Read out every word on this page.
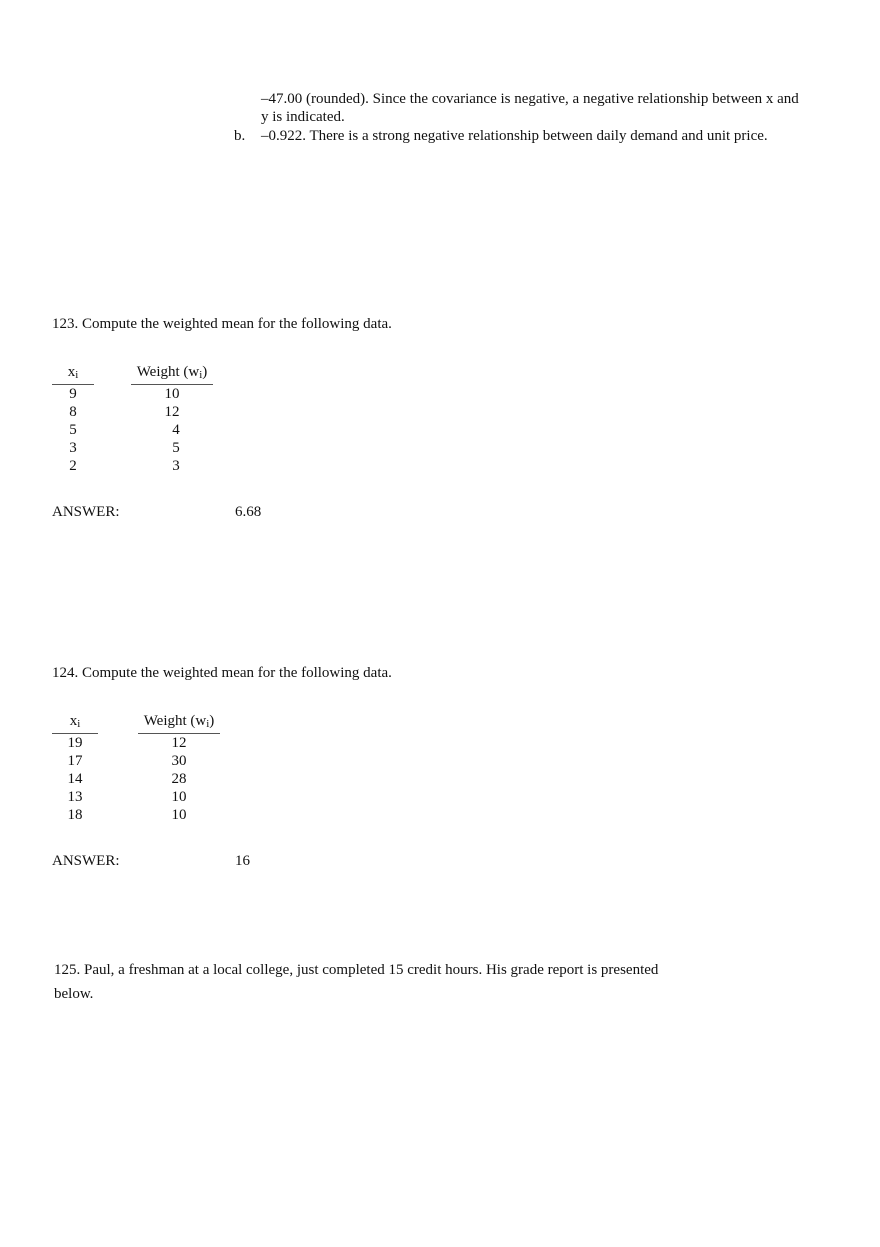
–47.00 (rounded). Since the covariance is negative, a negative relationship between x and
y is indicated.
b. –0.922. There is a strong negative relationship between daily demand and unit price.
123. Compute the weighted mean for the following data.
xi		Weight (wi)
9		10
8		12
5		4
3		5
2		3
ANSWER:	6.68
124. Compute the weighted mean for the following data.
xi		Weight (wi)
19		12
17		30
14		28
13		10
18		10
ANSWER:	16
125. Paul, a freshman at a local college, just completed 15 credit hours. His grade report is presented
below.
